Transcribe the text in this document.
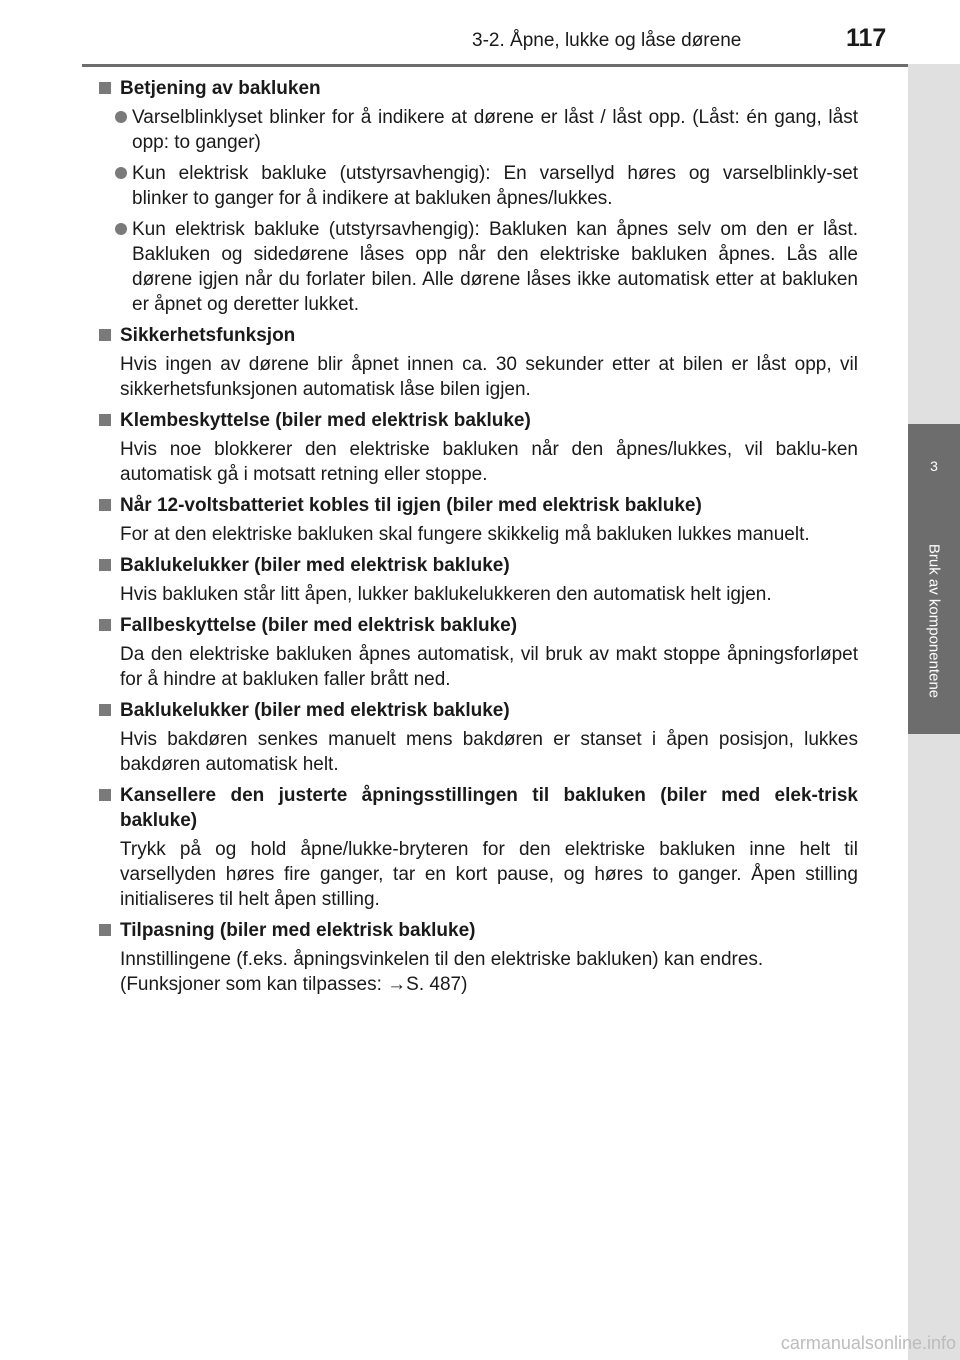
3-2. Åpne, lukke og låse dørene	117
3
Bruk av komponentene
Betjening av bakluken
Varselblinklyset blinker for å indikere at dørene er låst / låst opp. (Låst: én gang, låst opp: to ganger)
Kun elektrisk bakluke (utstyrsavhengig): En varsellyd høres og varselblinkly-set blinker to ganger for å indikere at bakluken åpnes/lukkes.
Kun elektrisk bakluke (utstyrsavhengig): Bakluken kan åpnes selv om den er låst. Bakluken og sidedørene låses opp når den elektriske bakluken åpnes. Lås alle dørene igjen når du forlater bilen. Alle dørene låses ikke automatisk etter at bakluken er åpnet og deretter lukket.
Sikkerhetsfunksjon
Hvis ingen av dørene blir åpnet innen ca. 30 sekunder etter at bilen er låst opp, vil sikkerhetsfunksjonen automatisk låse bilen igjen.
Klembeskyttelse (biler med elektrisk bakluke)
Hvis noe blokkerer den elektriske bakluken når den åpnes/lukkes, vil baklu-ken automatisk gå i motsatt retning eller stoppe.
Når 12-voltsbatteriet kobles til igjen (biler med elektrisk bakluke)
For at den elektriske bakluken skal fungere skikkelig må bakluken lukkes manuelt.
Baklukelukker (biler med elektrisk bakluke)
Hvis bakluken står litt åpen, lukker baklukelukkeren den automatisk helt igjen.
Fallbeskyttelse (biler med elektrisk bakluke)
Da den elektriske bakluken åpnes automatisk, vil bruk av makt stoppe åpningsforløpet for å hindre at bakluken faller brått ned.
Baklukelukker (biler med elektrisk bakluke)
Hvis bakdøren senkes manuelt mens bakdøren er stanset i åpen posisjon, lukkes bakdøren automatisk helt.
Kansellere den justerte åpningsstillingen til bakluken (biler med elek-trisk bakluke)
Trykk på og hold åpne/lukke-bryteren for den elektriske bakluken inne helt til varsellyden høres fire ganger, tar en kort pause, og høres to ganger. Åpen stilling initialiseres til helt åpen stilling.
Tilpasning (biler med elektrisk bakluke)
Innstillingene (f.eks. åpningsvinkelen til den elektriske bakluken) kan endres.
(Funksjoner som kan tilpasses: →S. 487)
carmanualsonline.info
